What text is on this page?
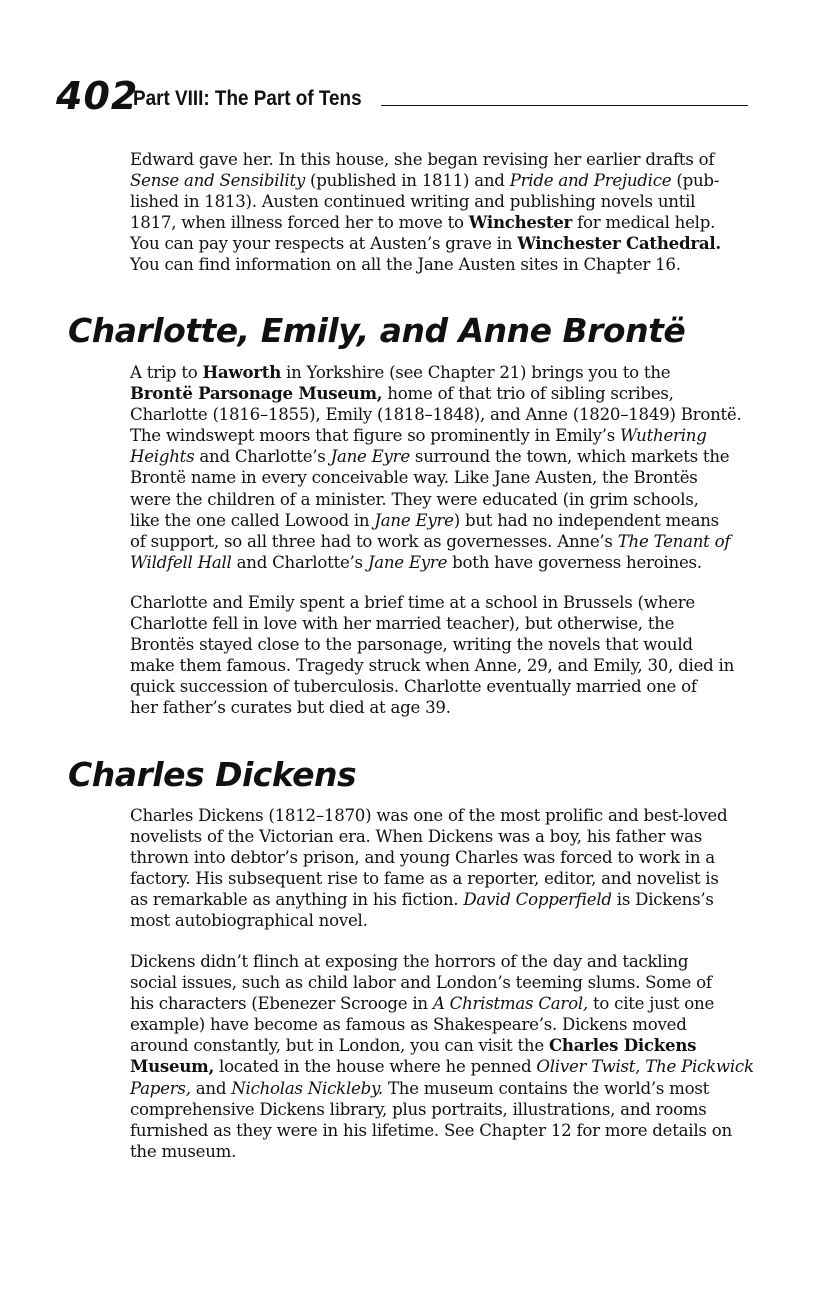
402
Part VIII: The Part of Tens
Edward gave her. In this house, she began revising her earlier drafts of
Sense and Sensibility (published in 1811) and Pride and Prejudice (pub-
lished in 1813). Austen continued writing and publishing novels until
1817, when illness forced her to move to Winchester for medical help.
You can pay your respects at Austen’s grave in Winchester Cathedral.
You can find information on all the Jane Austen sites in Chapter 16.
Charlotte, Emily, and Anne Brontë
A trip to Haworth in Yorkshire (see Chapter 21) brings you to the
Brontë Parsonage Museum, home of that trio of sibling scribes,
Charlotte (1816–1855), Emily (1818–1848), and Anne (1820–1849) Brontë.
The windswept moors that figure so prominently in Emily’s Wuthering
Heights and Charlotte’s Jane Eyre surround the town, which markets the
Brontë name in every conceivable way. Like Jane Austen, the Brontës
were the children of a minister. They were educated (in grim schools,
like the one called Lowood in Jane Eyre) but had no independent means
of support, so all three had to work as governesses. Anne’s The Tenant of
Wildfell Hall and Charlotte’s Jane Eyre both have governess heroines.
Charlotte and Emily spent a brief time at a school in Brussels (where
Charlotte fell in love with her married teacher), but otherwise, the
Brontës stayed close to the parsonage, writing the novels that would
make them famous. Tragedy struck when Anne, 29, and Emily, 30, died in
quick succession of tuberculosis. Charlotte eventually married one of
her father’s curates but died at age 39.
Charles Dickens
Charles Dickens (1812–1870) was one of the most prolific and best-loved
novelists of the Victorian era. When Dickens was a boy, his father was
thrown into debtor’s prison, and young Charles was forced to work in a
factory. His subsequent rise to fame as a reporter, editor, and novelist is
as remarkable as anything in his fiction. David Copperfield is Dickens’s
most autobiographical novel.
Dickens didn’t flinch at exposing the horrors of the day and tackling
social issues, such as child labor and London’s teeming slums. Some of
his characters (Ebenezer Scrooge in A Christmas Carol, to cite just one
example) have become as famous as Shakespeare’s. Dickens moved
around constantly, but in London, you can visit the Charles Dickens
Museum, located in the house where he penned Oliver Twist, The Pickwick
Papers, and Nicholas Nickleby. The museum contains the world’s most
comprehensive Dickens library, plus portraits, illustrations, and rooms
furnished as they were in his lifetime. See Chapter 12 for more details on
the museum.
